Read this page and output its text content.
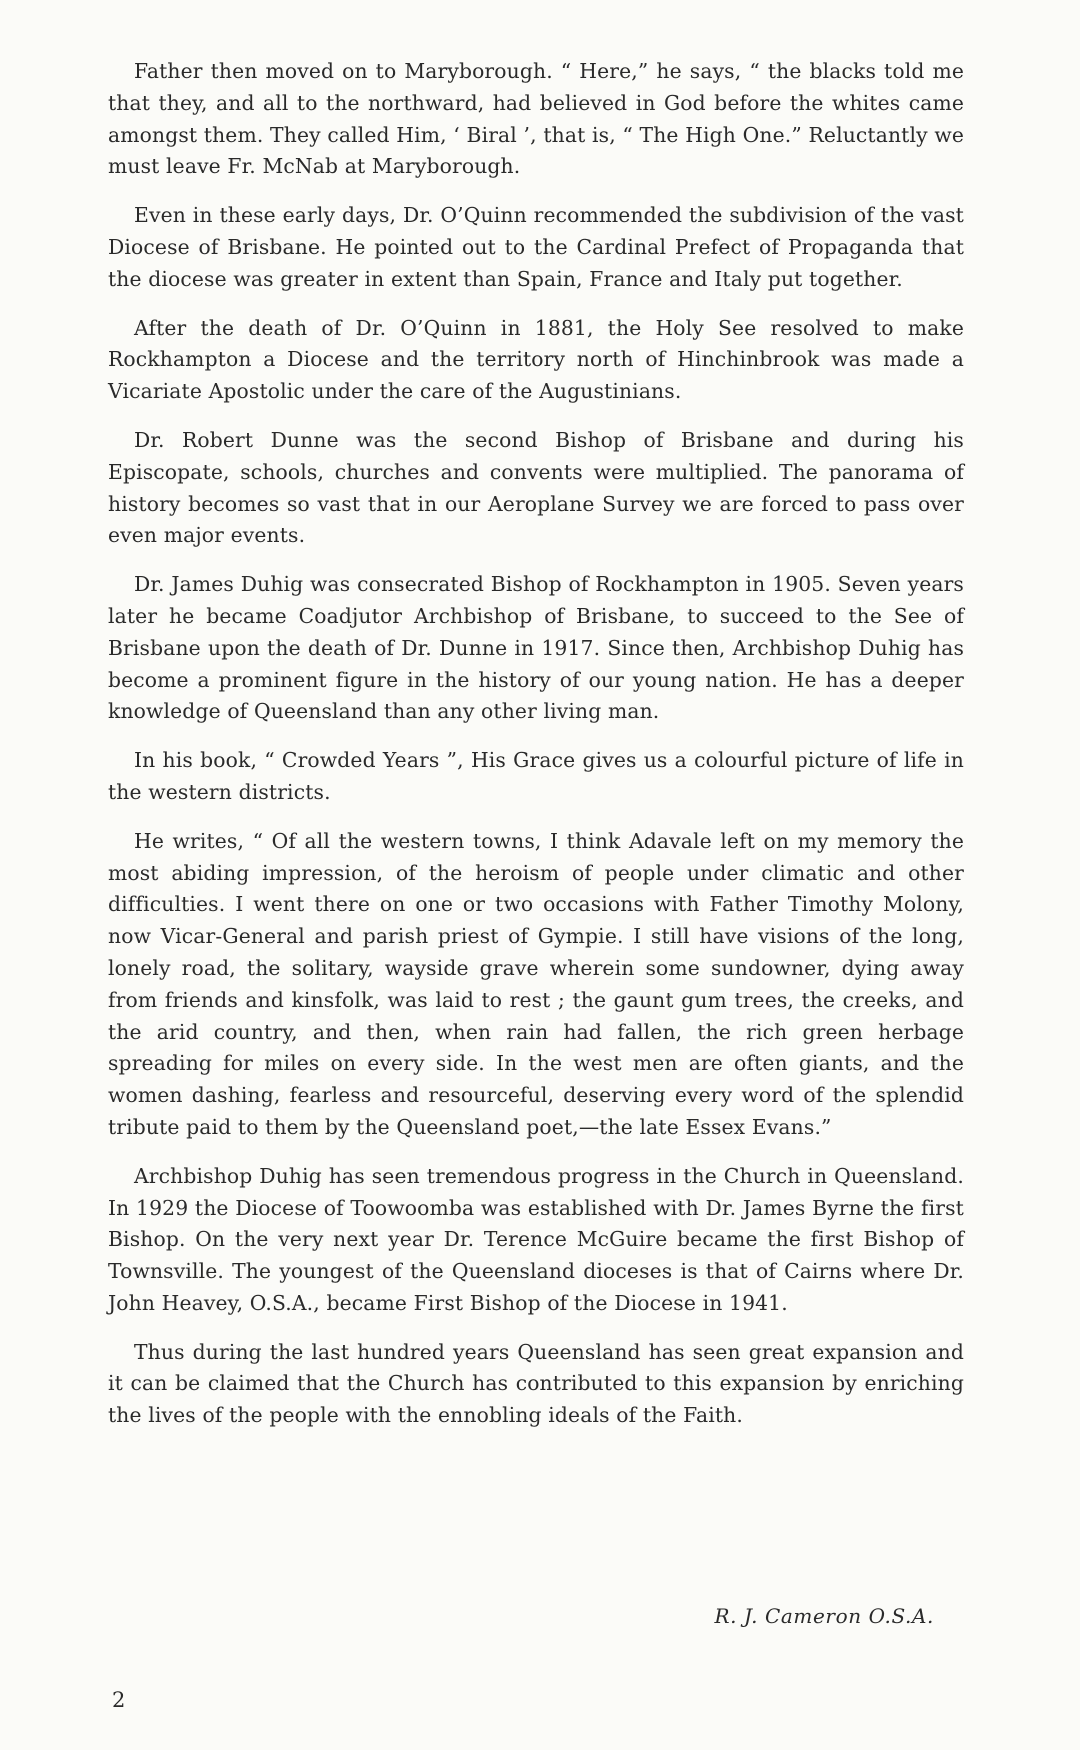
Father then moved on to Maryborough. “ Here,” he says, “ the blacks told me that they, and all to the northward, had believed in God before the whites came amongst them. They called Him, ‘ Biral ’, that is, “ The High One.” Reluctantly we must leave Fr. McNab at Maryborough.

Even in these early days, Dr. O’Quinn recommended the subdivision of the vast Diocese of Brisbane. He pointed out to the Cardinal Prefect of Propaganda that the diocese was greater in extent than Spain, France and Italy put together.

After the death of Dr. O’Quinn in 1881, the Holy See resolved to make Rockhampton a Diocese and the territory north of Hinchinbrook was made a Vicariate Apostolic under the care of the Augustinians.

Dr. Robert Dunne was the second Bishop of Brisbane and during his Episcopate, schools, churches and convents were multiplied. The panorama of history becomes so vast that in our Aeroplane Survey we are forced to pass over even major events.

Dr. James Duhig was consecrated Bishop of Rockhampton in 1905. Seven years later he became Coadjutor Archbishop of Brisbane, to succeed to the See of Brisbane upon the death of Dr. Dunne in 1917. Since then, Archbishop Duhig has become a prominent figure in the history of our young nation. He has a deeper knowledge of Queensland than any other living man.

In his book, “ Crowded Years ”, His Grace gives us a colourful picture of life in the western districts.

He writes, “ Of all the western towns, I think Adavale left on my memory the most abiding impression, of the heroism of people under climatic and other difficulties. I went there on one or two occasions with Father Timothy Molony, now Vicar-General and parish priest of Gympie. I still have visions of the long, lonely road, the solitary, wayside grave wherein some sundowner, dying away from friends and kinsfolk, was laid to rest ; the gaunt gum trees, the creeks, and the arid country, and then, when rain had fallen, the rich green herbage spreading for miles on every side. In the west men are often giants, and the women dashing, fearless and resourceful, deserving every word of the splendid tribute paid to them by the Queensland poet,—the late Essex Evans.”

Archbishop Duhig has seen tremendous progress in the Church in Queensland. In 1929 the Diocese of Toowoomba was established with Dr. James Byrne the first Bishop. On the very next year Dr. Terence McGuire became the first Bishop of Townsville. The youngest of the Queensland dioceses is that of Cairns where Dr. John Heavey, O.S.A., became First Bishop of the Diocese in 1941.

Thus during the last hundred years Queensland has seen great expansion and it can be claimed that the Church has contributed to this expansion by enriching the lives of the people with the ennobling ideals of the Faith.

R. J. Cameron O.S.A.
2
